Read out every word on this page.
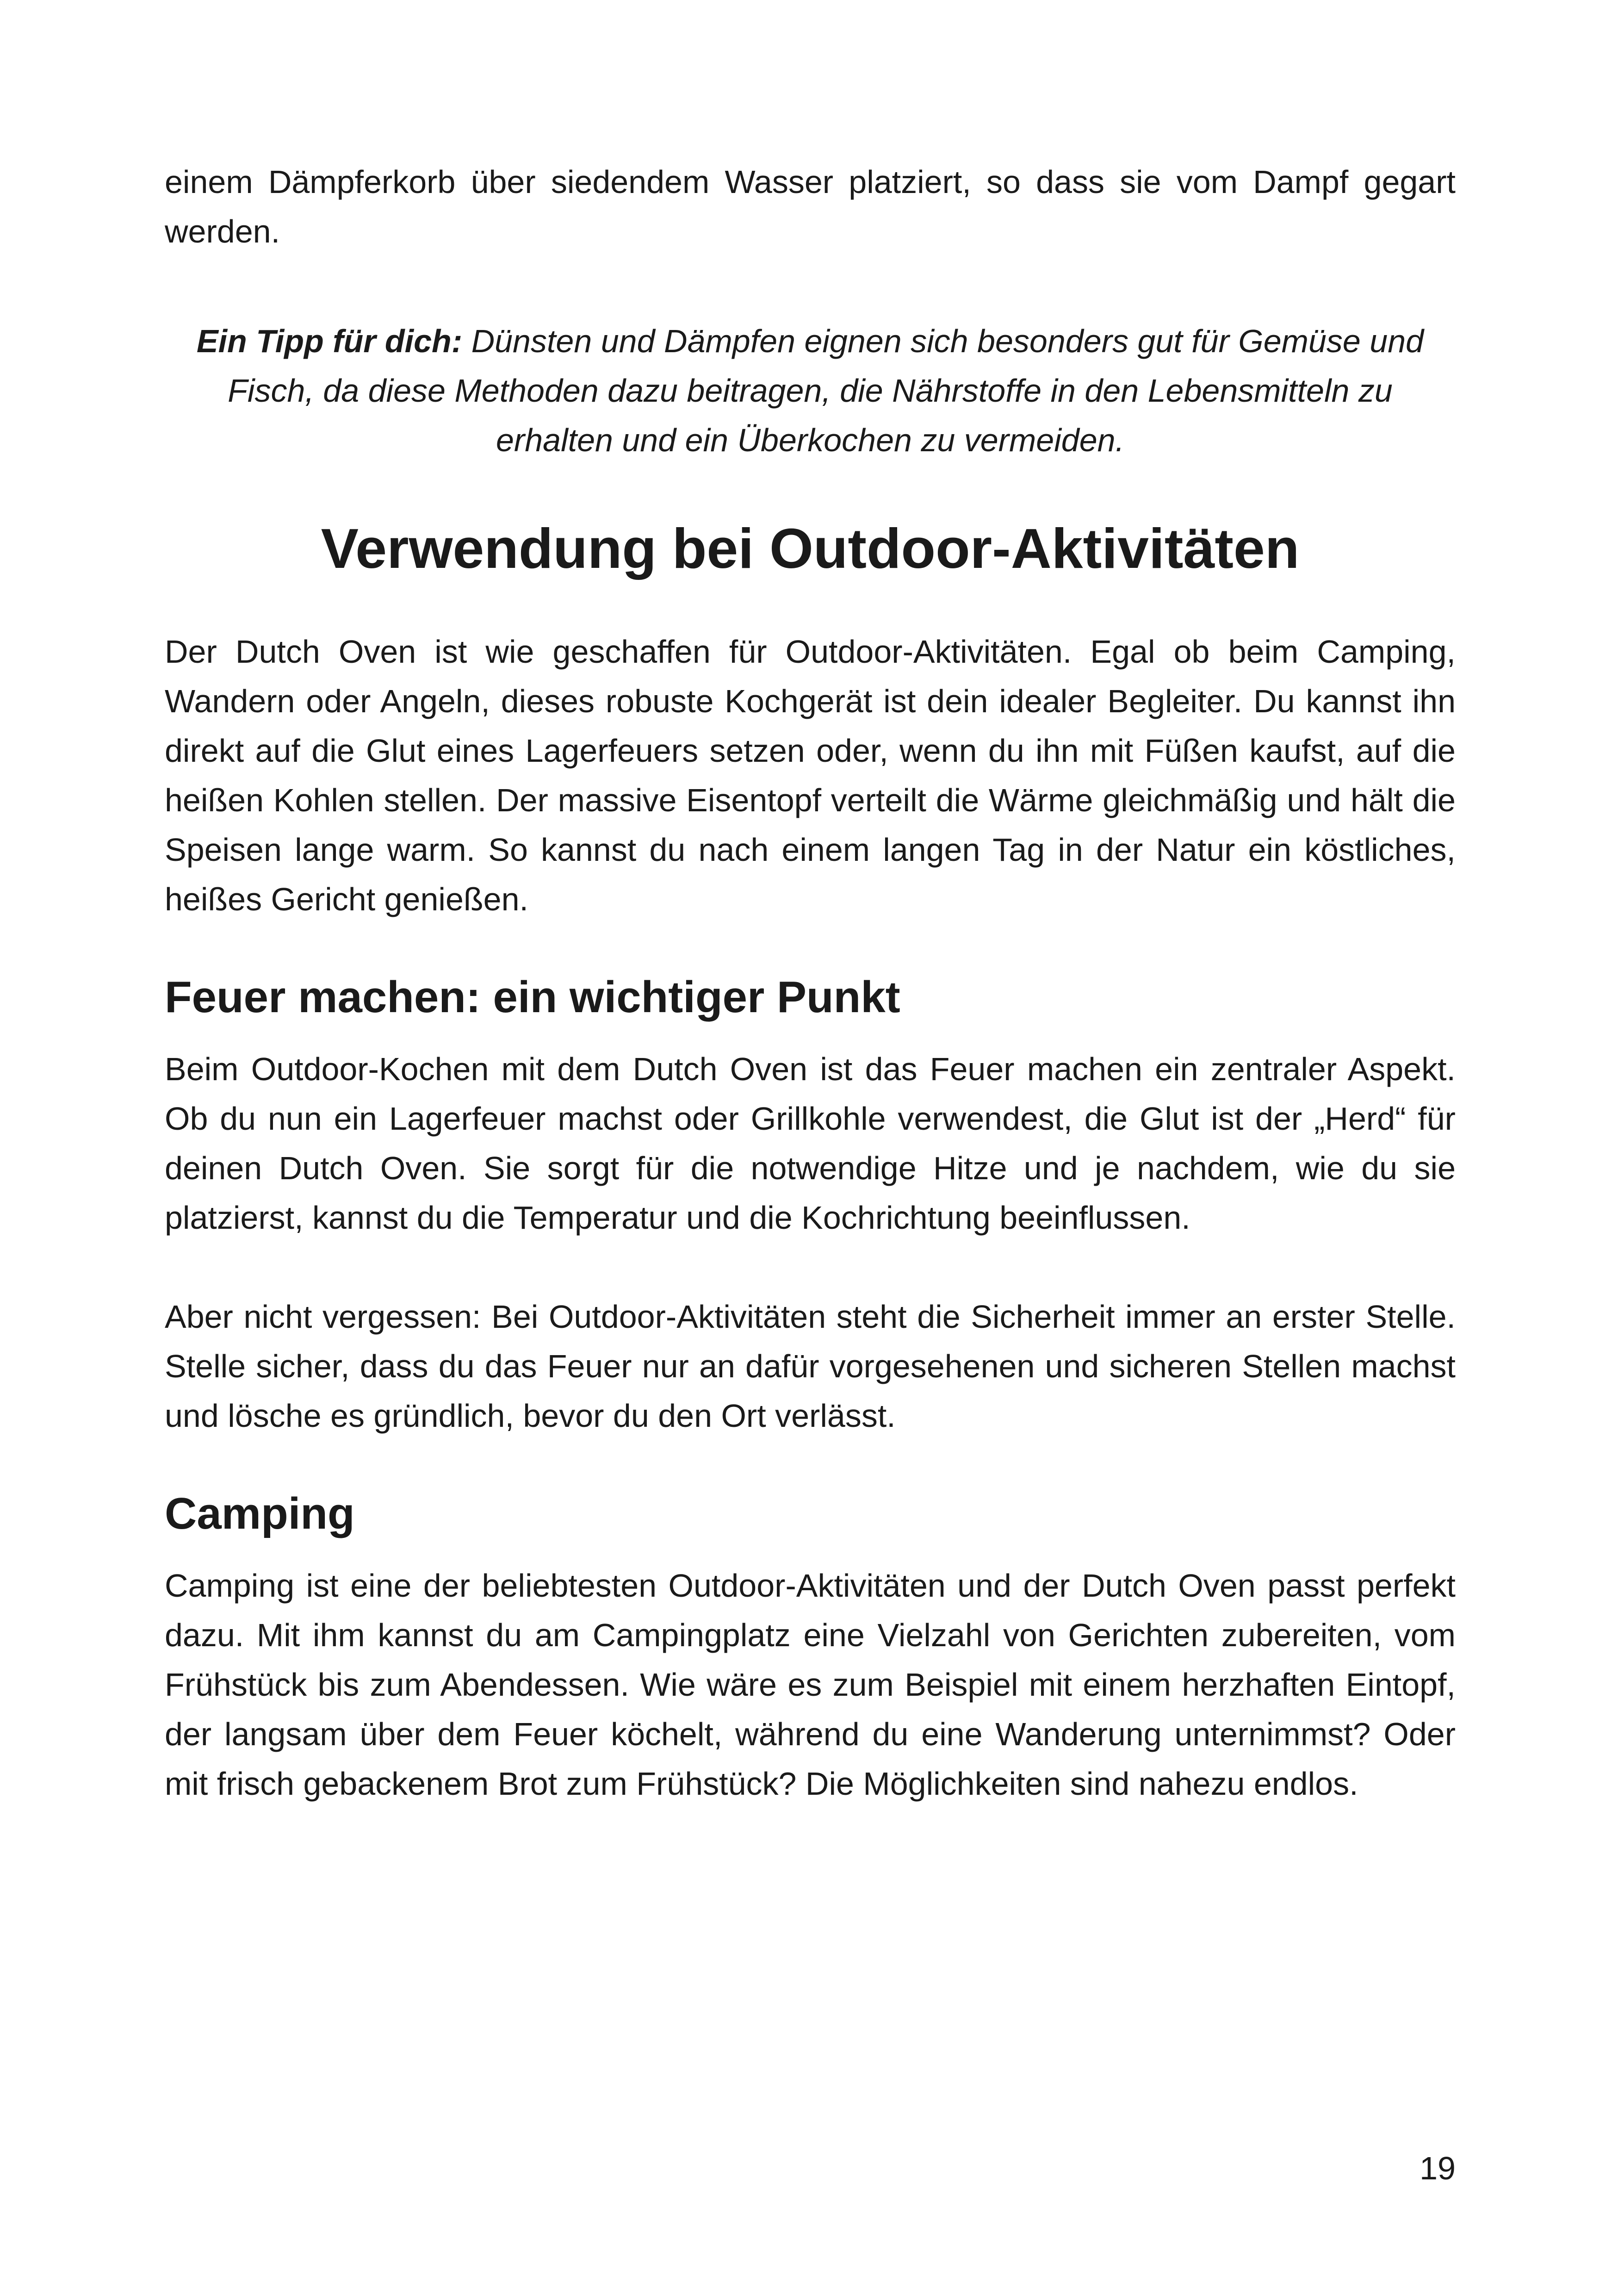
einem Dämpferkorb über siedendem Wasser platziert, so dass sie vom Dampf gegart werden.

Ein Tipp für dich: Dünsten und Dämpfen eignen sich besonders gut für Gemüse und Fisch, da diese Methoden dazu beitragen, die Nährstoffe in den Lebensmitteln zu erhalten und ein Überkochen zu vermeiden.

Verwendung bei Outdoor-Aktivitäten

Der Dutch Oven ist wie geschaffen für Outdoor-Aktivitäten. Egal ob beim Camping, Wandern oder Angeln, dieses robuste Kochgerät ist dein idealer Begleiter. Du kannst ihn direkt auf die Glut eines Lagerfeuers setzen oder, wenn du ihn mit Füßen kaufst, auf die heißen Kohlen stellen. Der massive Eisentopf verteilt die Wärme gleichmäßig und hält die Speisen lange warm. So kannst du nach einem langen Tag in der Natur ein köstliches, heißes Gericht genießen.

Feuer machen: ein wichtiger Punkt

Beim Outdoor-Kochen mit dem Dutch Oven ist das Feuer machen ein zentraler Aspekt. Ob du nun ein Lagerfeuer machst oder Grillkohle verwendest, die Glut ist der „Herd“ für deinen Dutch Oven. Sie sorgt für die notwendige Hitze und je nachdem, wie du sie platzierst, kannst du die Temperatur und die Kochrichtung beeinflussen.

Aber nicht vergessen: Bei Outdoor-Aktivitäten steht die Sicherheit immer an erster Stelle. Stelle sicher, dass du das Feuer nur an dafür vorgesehenen und sicheren Stellen machst und lösche es gründlich, bevor du den Ort verlässt.

Camping

Camping ist eine der beliebtesten Outdoor-Aktivitäten und der Dutch Oven passt perfekt dazu. Mit ihm kannst du am Campingplatz eine Vielzahl von Gerichten zubereiten, vom Frühstück bis zum Abendessen. Wie wäre es zum Beispiel mit einem herzhaften Eintopf, der langsam über dem Feuer köchelt, während du eine Wanderung unternimmst? Oder mit frisch gebackenem Brot zum Frühstück? Die Möglichkeiten sind nahezu endlos.

19
